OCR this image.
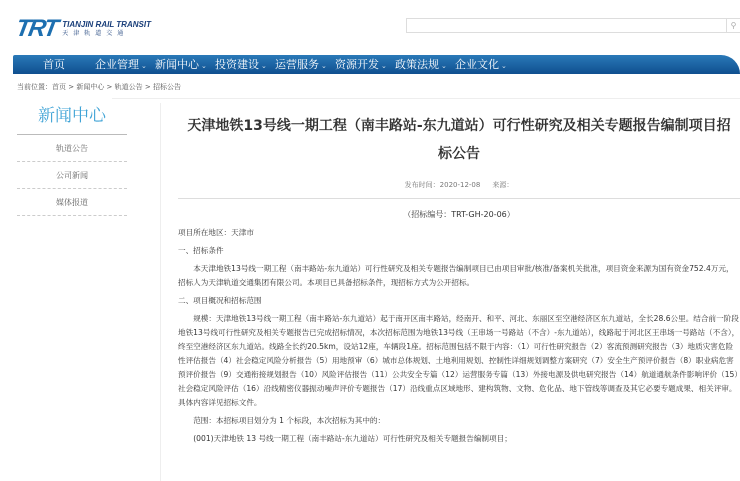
TRT TIANJIN RAIL TRANSIT
天津轨道交通
⚲
首页	企业管理 ⌄ 新闻中心 ⌄ 投资建设 ⌄ 运营服务 ⌄ 资源开发 ⌄ 政策法规 ⌄ 企业文化 ⌄
当前位置：首页 > 新闻中心 > 轨道公告 > 招标公告
新闻中心
轨道公告
公司新闻
媒体报道
天津地铁13号线一期工程（南丰路站-东九道站）可行性研究及相关专题报告编制项目招标公告
发布时间：2020-12-08 来源：
（招标编号：TRT-GH-20-06）

项目所在地区：天津市

一、招标条件

本天津地铁13号线一期工程（南丰路站-东九道站）可行性研究及相关专题报告编制项目已由项目审批/核准/备案机关批准，项目资金来源为国有资金752.4万元，招标人为天津轨道交通集团有限公司。本项目已具备招标条件，现招标方式为公开招标。

二、项目概况和招标范围

规模：天津地铁13号线一期工程（南丰路站-东九道站）起于南开区南丰路站，经南开、和平、河北、东丽区至空港经济区东九道站，全长28.6公里。结合前一阶段地铁13号线可行性研究及相关专题报告已完成招标情况，本次招标范围为地铁13号线（王串场一号路站（不含）-东九道站），线路起于河北区王串场一号路站（不含），终至空港经济区东九道站。线路全长约20.5km，设站12座，车辆段1座。招标范围包括不限于内容：（1）可行性研究报告（2）客流预测研究报告（3）地质灾害危险性评估报告（4）社会稳定风险分析报告（5）用地预审（6）城市总体规划、土地利用规划、控制性详细规划调整方案研究（7）安全生产预评价报告（8）职业病危害预评价报告（9）交通衔接规划报告（10）风险评估报告（11）公共安全专篇（12）运营服务专篇（13）外接电源及供电研究报告（14）航道通航条件影响评价（15）社会稳定风险评估（16）沿线精密仪器振动噪声评价专题报告（17）沿线重点区域地形、建构筑物、文物、危化品、地下管线等调查及其它必要专题成果、相关评审。具体内容详见招标文件。

范围：本招标项目划分为 1 个标段，本次招标为其中的：

(001)天津地铁 13 号线一期工程（南丰路站-东九道站）可行性研究及相关专题报告编制项目；
